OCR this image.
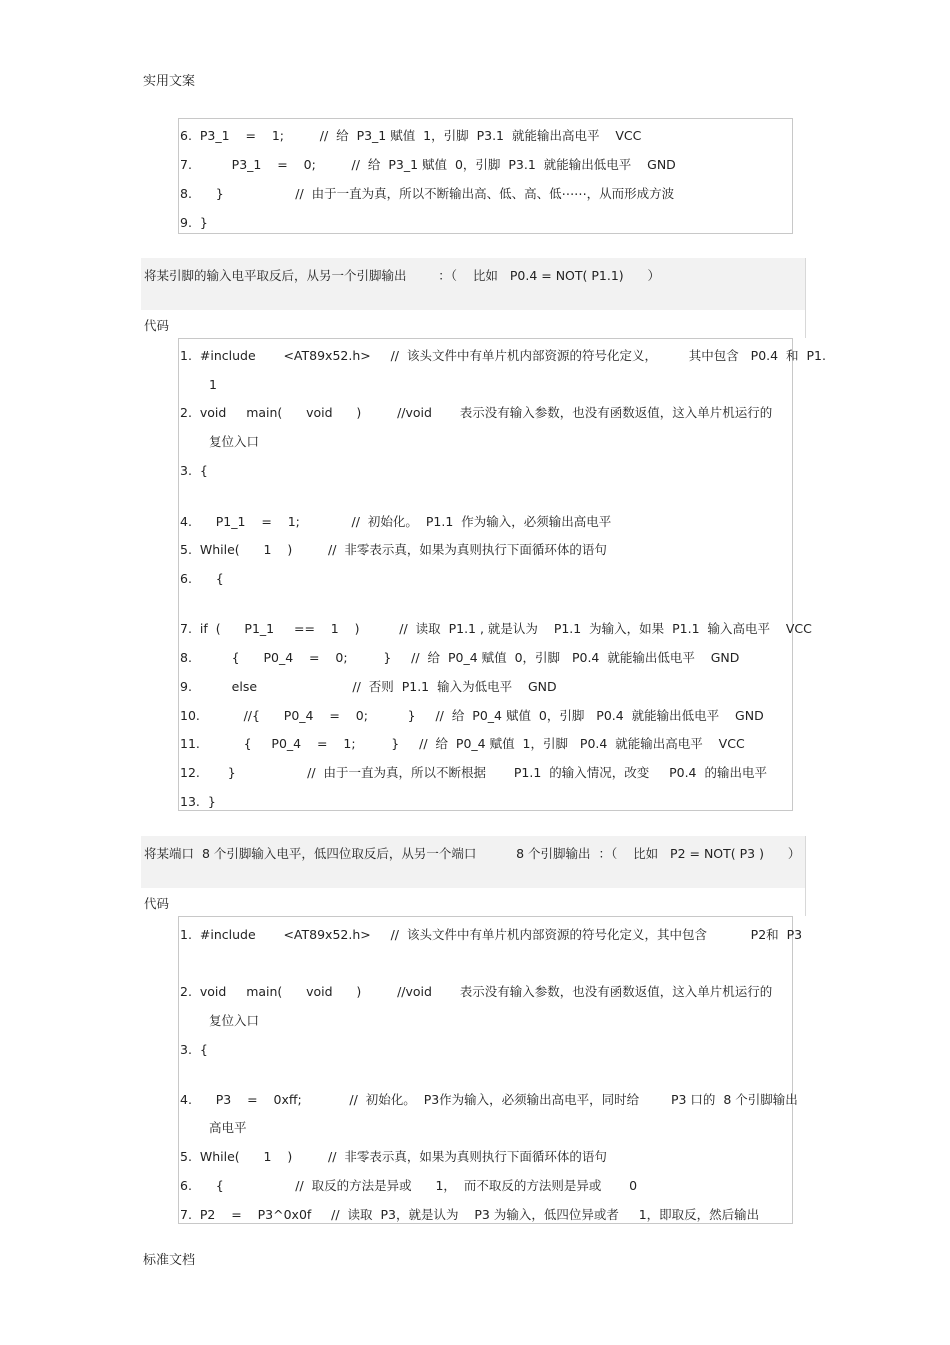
实用文案
6.  P3_1    =    1;         //  给  P3_1 赋值  1，引脚  P3.1  就能输出高电平    VCC
7.          P3_1    =    0;         //  给  P3_1 赋值  0，引脚  P3.1  就能输出低电平    GND
8.      }                  //  由于一直为真，所以不断输出高、低、高、低⋯⋯，从而形成方波
9.  }
将某引脚的输入电平取反后，从另一个引脚输出        ：（    比如   P0.4 = NOT( P1.1)      ）
代码
1.  #include       <AT89x52.h>     //  该头文件中有单片机内部资源的符号化定义，        其中包含   P0.4  和  P1.
1
2.  void     main(      void      )         //void       表示没有输入参数，也没有函数返值，这入单片机运行的
复位入口
3.  {
4.      P1_1    =    1;             //  初始化。  P1.1  作为输入，必须输出高电平
5.  While(      1    )         //  非零表示真，如果为真则执行下面循环体的语句
6.      {
7.  if  (      P1_1     ==    1    )          //  读取  P1.1 , 就是认为    P1.1  为输入，如果  P1.1  输入高电平    VCC
8.          {      P0_4    =    0;         }     //  给  P0_4 赋值  0，引脚   P0.4  就能输出低电平    GND
9.          else                        //  否则  P1.1  输入为低电平    GND
10.           //{      P0_4    =    0;          }     //  给  P0_4 赋值  0，引脚   P0.4  就能输出低电平    GND
11.           {     P0_4    =    1;         }     //  给  P0_4 赋值  1，引脚   P0.4  就能输出高电平    VCC
12.       }                  //  由于一直为真，所以不断根据       P1.1  的输入情况，改变     P0.4  的输出电平
13.  }
将某端口  8 个引脚输入电平，低四位取反后，从另一个端口          8 个引脚输出  ：（    比如   P2 = NOT( P3 )      ）
代码
1.  #include       <AT89x52.h>     //  该头文件中有单片机内部资源的符号化定义，其中包含           P2和  P3
2.  void     main(      void      )         //void       表示没有输入参数，也没有函数返值，这入单片机运行的
复位入口
3.  {
4.      P3    =    0xff;            //  初始化。  P3作为输入，必须输出高电平，同时给        P3 口的  8 个引脚输出
高电平
5.  While(      1    )         //  非零表示真，如果为真则执行下面循环体的语句
6.      {                  //  取反的方法是异或      1，  而不取反的方法则是异或       0
7.  P2    =    P3^0x0f     //  读取  P3，就是认为    P3 为输入，低四位异或者     1，即取反，然后输出
标准文档
